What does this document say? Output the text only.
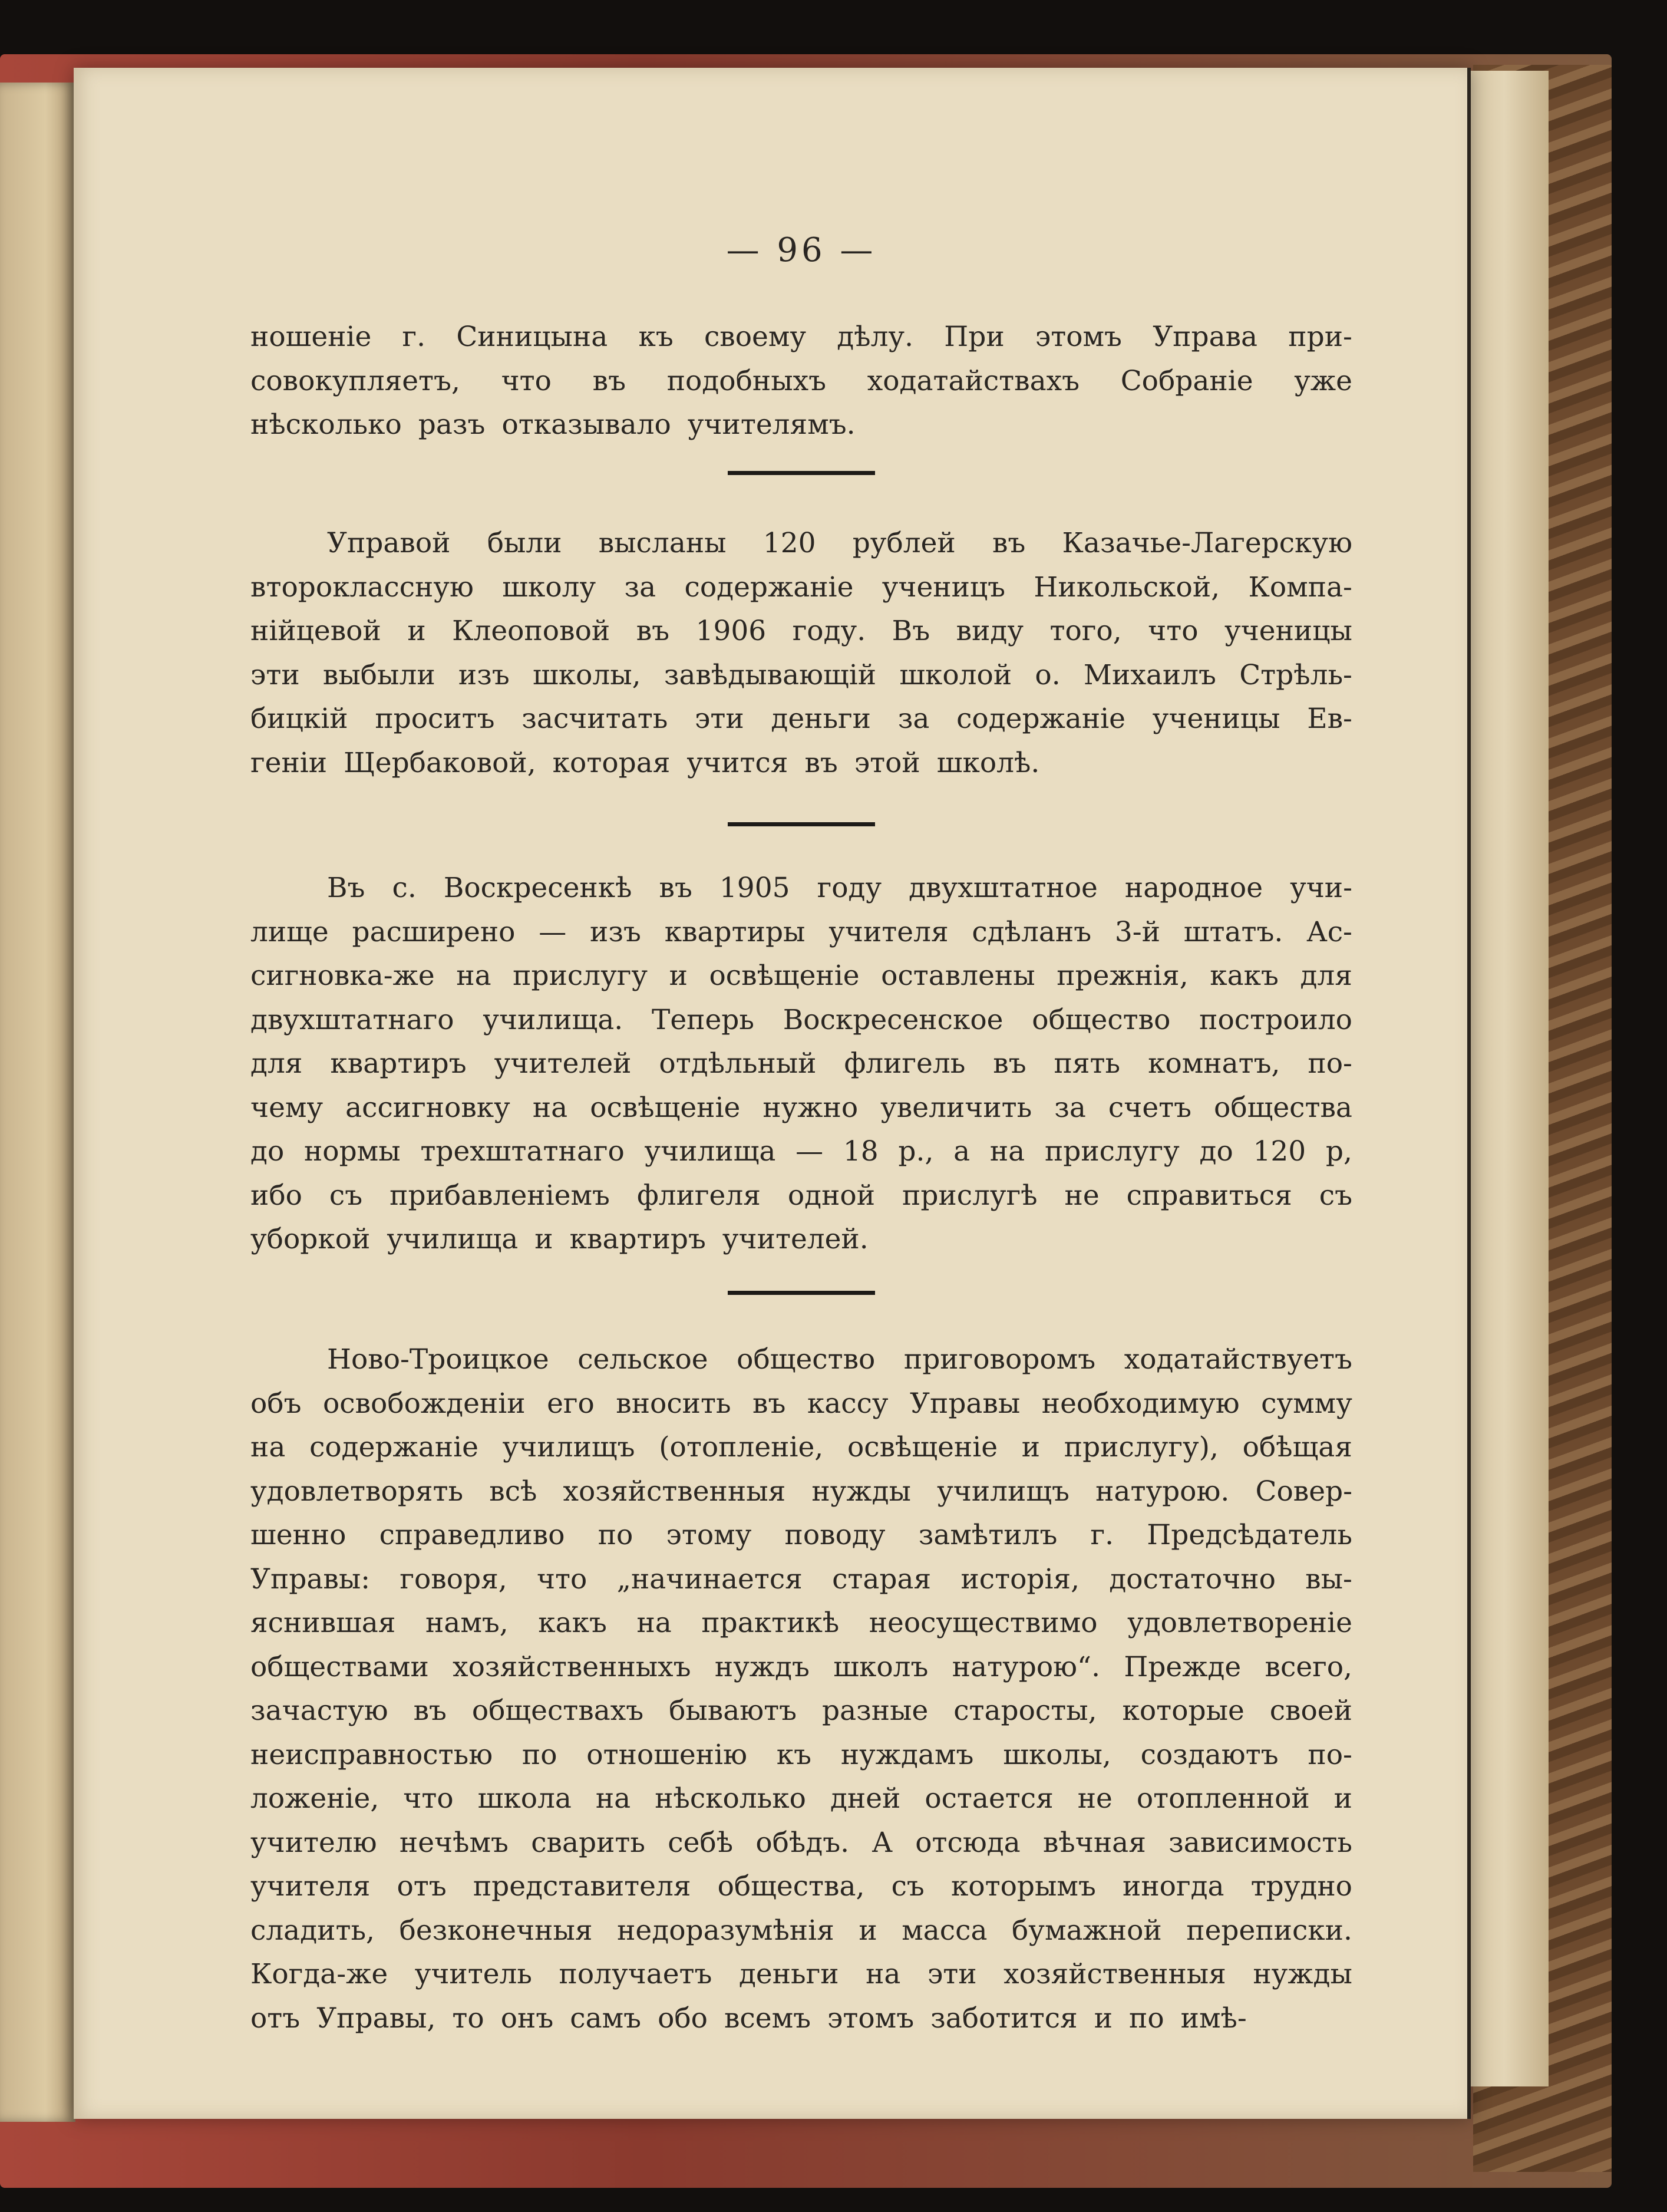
— 96 —
ношеніе г. Синицына къ своему дѣлу. При этомъ Управа при-
совокупляетъ, что въ подобныхъ ходатайствахъ Собраніе уже
нѣсколько разъ отказывало учителямъ.
Управой были высланы 120 рублей въ Казачье-Лагерскую
второклассную школу за содержаніе ученицъ Никольской, Компа-
нійцевой и Клеоповой въ 1906 году. Въ виду того, что ученицы
эти выбыли изъ школы, завѣдывающій школой о. Михаилъ Стрѣль-
бицкій проситъ засчитать эти деньги за содержаніе ученицы Ев-
геніи Щербаковой, которая учится въ этой школѣ.
Въ с. Воскресенкѣ въ 1905 году двухштатное народное учи-
лище расширено — изъ квартиры учителя сдѣланъ 3-й штатъ. Ас-
сигновка-же на прислугу и освѣщеніе оставлены прежнія, какъ для
двухштатнаго училища. Теперь Воскресенское общество построило
для квартиръ учителей отдѣльный флигель въ пять комнатъ, по-
чему ассигновку на освѣщеніе нужно увеличить за счетъ общества
до нормы трехштатнаго училища — 18 р., а на прислугу до 120 р,
ибо съ прибавленіемъ флигеля одной прислугѣ не справиться съ
уборкой училища и квартиръ учителей.
Ново-Троицкое сельское общество приговоромъ ходатайствуетъ
объ освобожденіи его вносить въ кассу Управы необходимую сумму
на содержаніе училищъ (отопленіе, освѣщеніе и прислугу), обѣщая
удовлетворять всѣ хозяйственныя нужды училищъ натурою. Совер-
шенно справедливо по этому поводу замѣтилъ г. Предсѣдатель
Управы: говоря, что „начинается старая исторія, достаточно вы-
яснившая намъ, какъ на практикѣ неосуществимо удовлетвореніе
обществами хозяйственныхъ нуждъ школъ натурою“. Прежде всего,
зачастую въ обществахъ бываютъ разные старосты, которые своей
неисправностью по отношенію къ нуждамъ школы, создаютъ по-
ложеніе, что школа на нѣсколько дней остается не отопленной и
учителю нечѣмъ сварить себѣ обѣдъ. А отсюда вѣчная зависимость
учителя отъ представителя общества, съ которымъ иногда трудно
сладить, безконечныя недоразумѣнія и масса бумажной переписки.
Когда-же учитель получаетъ деньги на эти хозяйственныя нужды
отъ Управы, то онъ самъ обо всемъ этомъ заботится и по имѣ-
